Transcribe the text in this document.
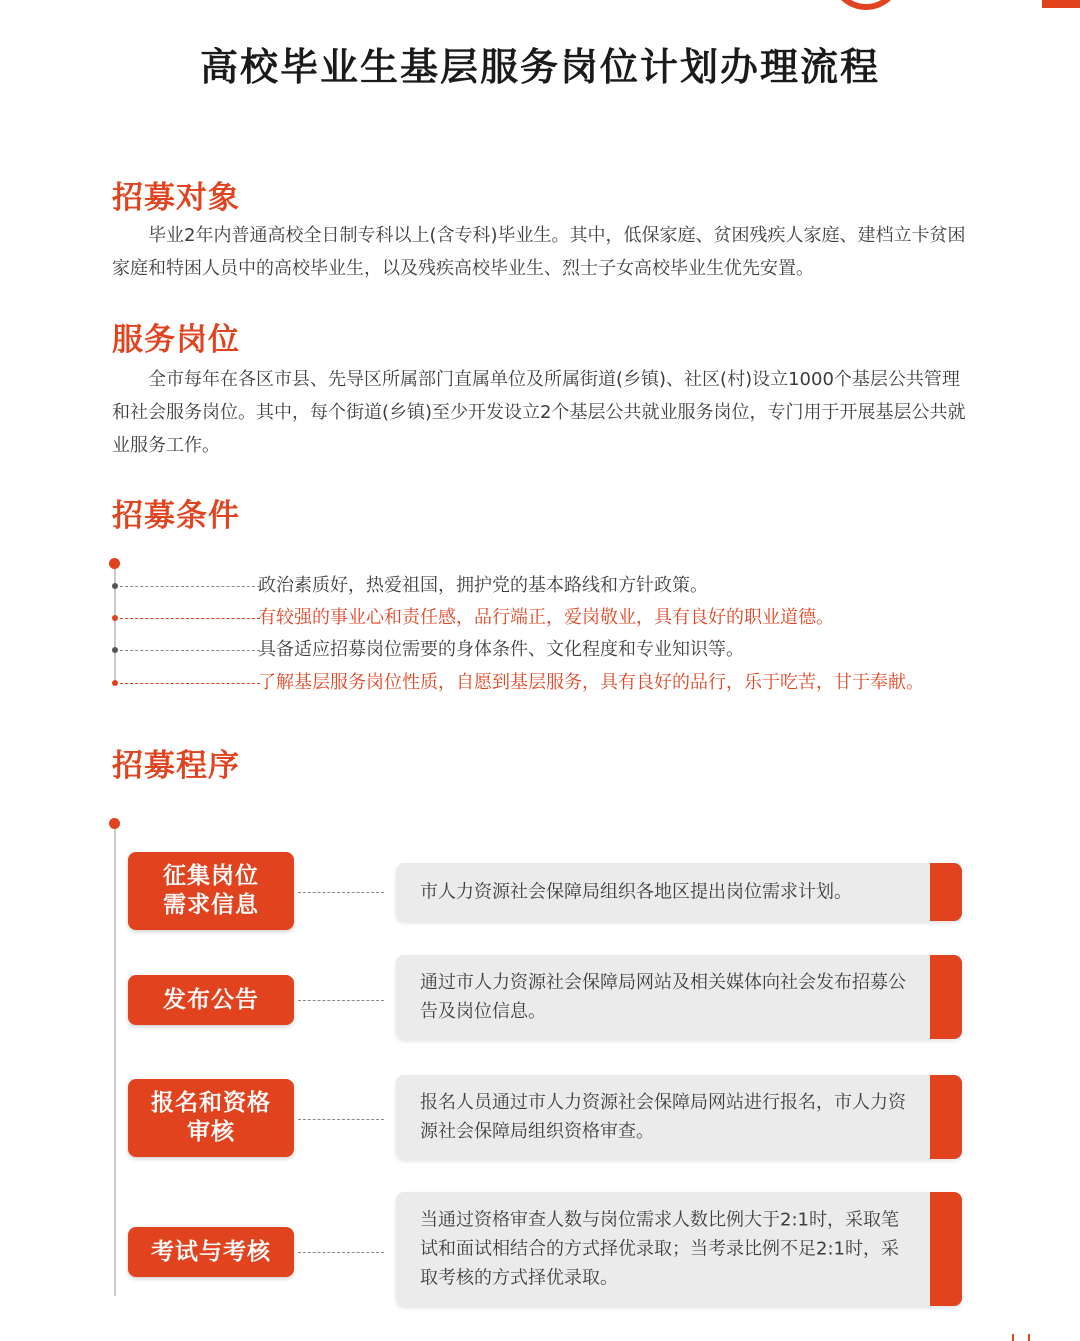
高校毕业生基层服务岗位计划办理流程
招募对象
毕业2年内普通高校全日制专科以上(含专科)毕业生。其中，低保家庭、贫困残疾人家庭、建档立卡贫困家庭和特困人员中的高校毕业生，以及残疾高校毕业生、烈士子女高校毕业生优先安置。
服务岗位
全市每年在各区市县、先导区所属部门直属单位及所属街道(乡镇)、社区(村)设立1000个基层公共管理和社会服务岗位。其中，每个街道(乡镇)至少开发设立2个基层公共就业服务岗位，专门用于开展基层公共就业服务工作。
招募条件
政治素质好，热爱祖国，拥护党的基本路线和方针政策。
有较强的事业心和责任感，品行端正，爱岗敬业，具有良好的职业道德。
具备适应招募岗位需要的身体条件、文化程度和专业知识等。
了解基层服务岗位性质，自愿到基层服务，具有良好的品行，乐于吃苦，甘于奉献。
招募程序
征集岗位
需求信息	市人力资源社会保障局组织各地区提出岗位需求计划。
发布公告
通过市人力资源社会保障局网站及相关媒体向社会发布招募公告及岗位信息。
报名和资格
审核
报名人员通过市人力资源社会保障局网站进行报名，市人力资源社会保障局组织资格审查。
考试与考核
当通过资格审查人数与岗位需求人数比例大于2:1时，采取笔试和面试相结合的方式择优录取；当考录比例不足2:1时，采取考核的方式择优录取。
